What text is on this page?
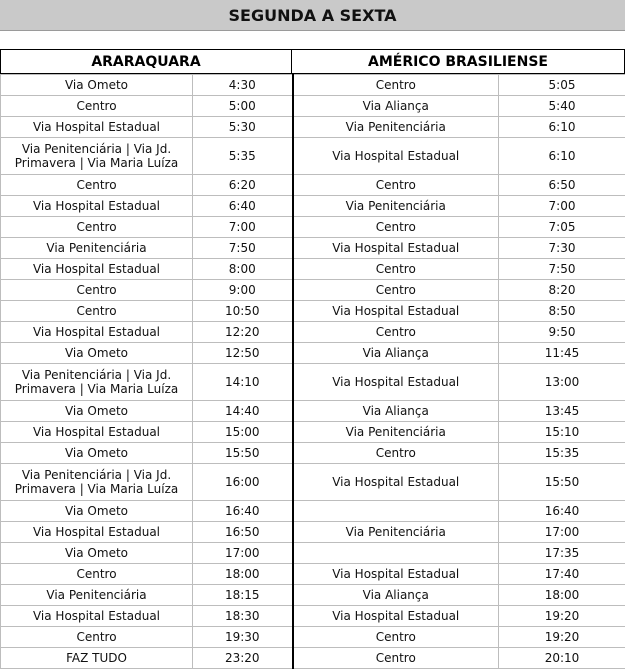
SEGUNDA A SEXTA
ARARAQUARA	AMÉRICO BRASILIENSE
Via Ometo	4:30	Centro	5:05
Centro	5:00	Via Aliança	5:40
Via Hospital Estadual	5:30	Via Penitenciária	6:10
Via Penitenciária | Via Jd. Primavera | Via Maria Luíza	5:35	Via Hospital Estadual	6:10
Centro	6:20	Centro	6:50
Via Hospital Estadual	6:40	Via Penitenciária	7:00
Centro	7:00	Centro	7:05
Via Penitenciária	7:50	Via Hospital Estadual	7:30
Via Hospital Estadual	8:00	Centro	7:50
Centro	9:00	Centro	8:20
Centro	10:50	Via Hospital Estadual	8:50
Via Hospital Estadual	12:20	Centro	9:50
Via Ometo	12:50	Via Aliança	11:45
Via Penitenciária | Via Jd. Primavera | Via Maria Luíza	14:10	Via Hospital Estadual	13:00
Via Ometo	14:40	Via Aliança	13:45
Via Hospital Estadual	15:00	Via Penitenciária	15:10
Via Ometo	15:50	Centro	15:35
Via Penitenciária | Via Jd. Primavera | Via Maria Luíza	16:00	Via Hospital Estadual	15:50
Via Ometo	16:40		16:40
Via Hospital Estadual	16:50	Via Penitenciária	17:00
Via Ometo	17:00		17:35
Centro	18:00	Via Hospital Estadual	17:40
Via Penitenciária	18:15	Via Aliança	18:00
Via Hospital Estadual	18:30	Via Hospital Estadual	19:20
Centro	19:30	Centro	19:20
FAZ TUDO	23:20	Centro	20:10
